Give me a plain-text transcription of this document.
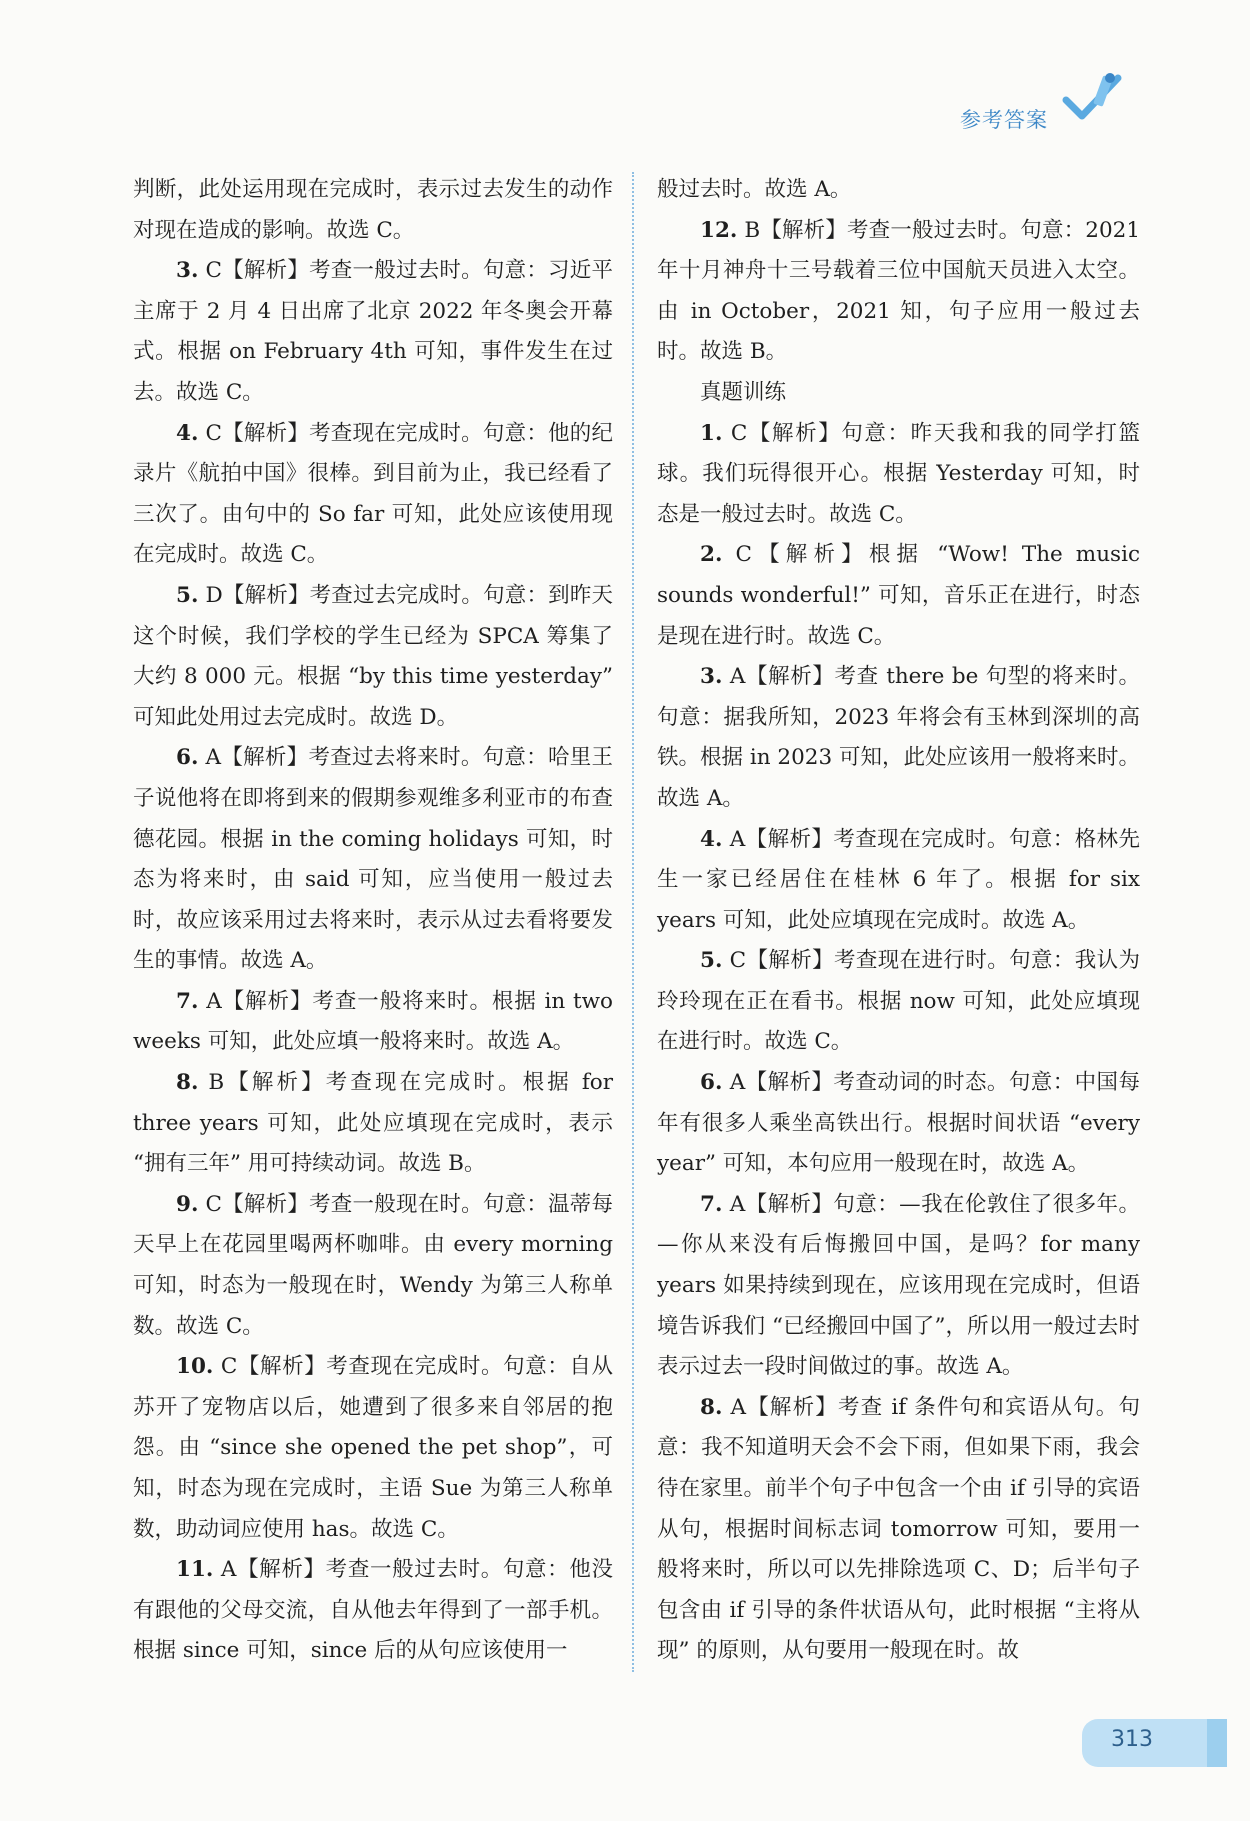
参考答案

判断，此处运用现在完成时，表示过去发生的动作对现在造成的影响。故选 C。

3. C【解析】考查一般过去时。句意：习近平主席于 2 月 4 日出席了北京 2022 年冬奥会开幕式。根据 on February 4th 可知，事件发生在过去。故选 C。

4. C【解析】考查现在完成时。句意：他的纪录片《航拍中国》很棒。到目前为止，我已经看了三次了。由句中的 So far 可知，此处应该使用现在完成时。故选 C。

5. D【解析】考查过去完成时。句意：到昨天这个时候，我们学校的学生已经为 SPCA 筹集了大约 8 000 元。根据 “by this time yesterday” 可知此处用过去完成时。故选 D。

6. A【解析】考查过去将来时。句意：哈里王子说他将在即将到来的假期参观维多利亚市的布查德花园。根据 in the coming holidays 可知，时态为将来时，由 said 可知，应当使用一般过去时，故应该采用过去将来时，表示从过去看将要发生的事情。故选 A。

7. A【解析】考查一般将来时。根据 in two weeks 可知，此处应填一般将来时。故选 A。

8. B【解析】考查现在完成时。根据 for three years 可知，此处应填现在完成时，表示 “拥有三年” 用可持续动词。故选 B。

9. C【解析】考查一般现在时。句意：温蒂每天早上在花园里喝两杯咖啡。由 every morning 可知，时态为一般现在时，Wendy 为第三人称单数。故选 C。

10. C【解析】考查现在完成时。句意：自从苏开了宠物店以后，她遭到了很多来自邻居的抱怨。由 “since she opened the pet shop”，可知，时态为现在完成时，主语 Sue 为第三人称单数，助动词应使用 has。故选 C。

11. A【解析】考查一般过去时。句意：他没有跟他的父母交流，自从他去年得到了一部手机。根据 since 可知，since 后的从句应该使用一

般过去时。故选 A。

12. B【解析】考查一般过去时。句意：2021 年十月神舟十三号载着三位中国航天员进入太空。由 in October，2021 知，句子应用一般过去时。故选 B。

真题训练

1. C【解析】句意：昨天我和我的同学打篮球。我们玩得很开心。根据 Yesterday 可知，时态是一般过去时。故选 C。

2. C【解析】根据 “Wow! The music sounds wonderful!” 可知，音乐正在进行，时态是现在进行时。故选 C。

3. A【解析】考查 there be 句型的将来时。句意：据我所知，2023 年将会有玉林到深圳的高铁。根据 in 2023 可知，此处应该用一般将来时。故选 A。

4. A【解析】考查现在完成时。句意：格林先生一家已经居住在桂林 6 年了。根据 for six years 可知，此处应填现在完成时。故选 A。

5. C【解析】考查现在进行时。句意：我认为玲玲现在正在看书。根据 now 可知，此处应填现在进行时。故选 C。

6. A【解析】考查动词的时态。句意：中国每年有很多人乘坐高铁出行。根据时间状语 “every year” 可知，本句应用一般现在时，故选 A。

7. A【解析】句意：—我在伦敦住了很多年。—你从来没有后悔搬回中国，是吗？for many years 如果持续到现在，应该用现在完成时，但语境告诉我们 “已经搬回中国了”，所以用一般过去时表示过去一段时间做过的事。故选 A。

8. A【解析】考查 if 条件句和宾语从句。句意：我不知道明天会不会下雨，但如果下雨，我会待在家里。前半个句子中包含一个由 if 引导的宾语从句，根据时间标志词 tomorrow 可知，要用一般将来时，所以可以先排除选项 C、D；后半句子包含由 if 引导的条件状语从句，此时根据 “主将从现” 的原则，从句要用一般现在时。故

313
